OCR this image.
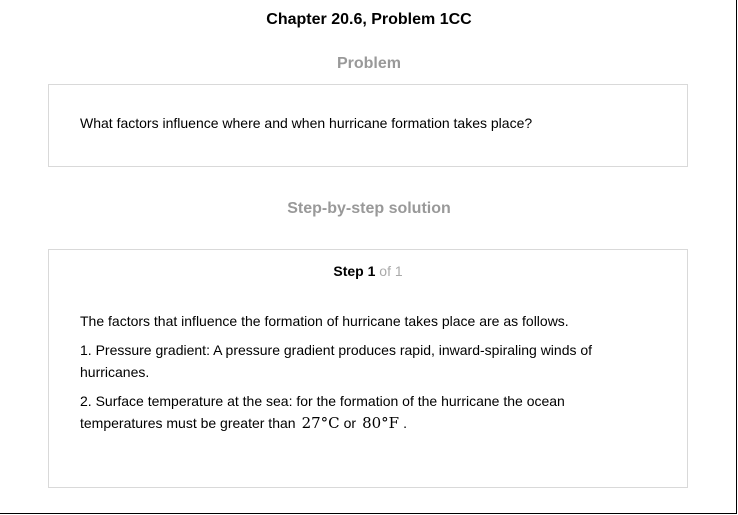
Chapter 20.6, Problem 1CC
Problem
What factors influence where and when hurricane formation takes place?
Step-by-step solution
Step 1 of 1
The factors that influence the formation of hurricane takes place are as follows.
1. Pressure gradient: A pressure gradient produces rapid, inward-spiraling winds of hurricanes.
2. Surface temperature at the sea: for the formation of the hurricane the ocean temperatures must be greater than 27°C or 80°F .
